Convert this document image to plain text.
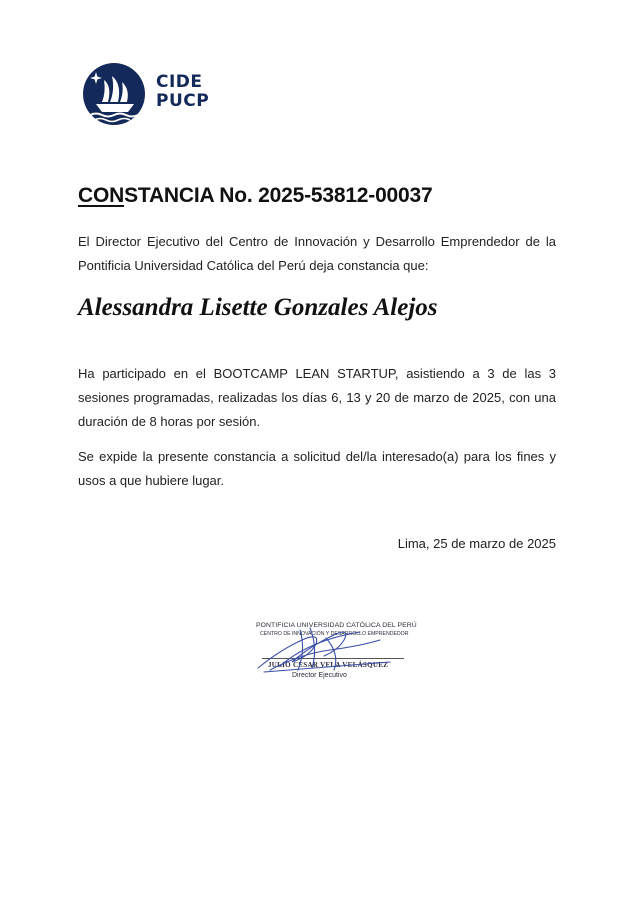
CIDE
PUCP
CONSTANCIA No. 2025-53812-00037
El Director Ejecutivo del Centro de Innovación y Desarrollo Emprendedor de la Pontificia Universidad Católica del Perú deja constancia que:
Alessandra Lisette Gonzales Alejos
Ha participado en el BOOTCAMP LEAN STARTUP, asistiendo a 3 de las 3 sesiones programadas, realizadas los días 6, 13 y 20 de marzo de 2025, con una duración de 8 horas por sesión.
Se expide la presente constancia a solicitud del/la interesado(a) para los fines y usos a que hubiere lugar.
Lima, 25 de marzo de 2025
PONTIFICIA UNIVERSIDAD CATÓLICA DEL PERÚ
CENTRO DE INNOVACIÓN Y DESARROLLO EMPRENDEDOR
JULIO CÉSAR VELA VELÁSQUEZ
Director Ejecutivo
